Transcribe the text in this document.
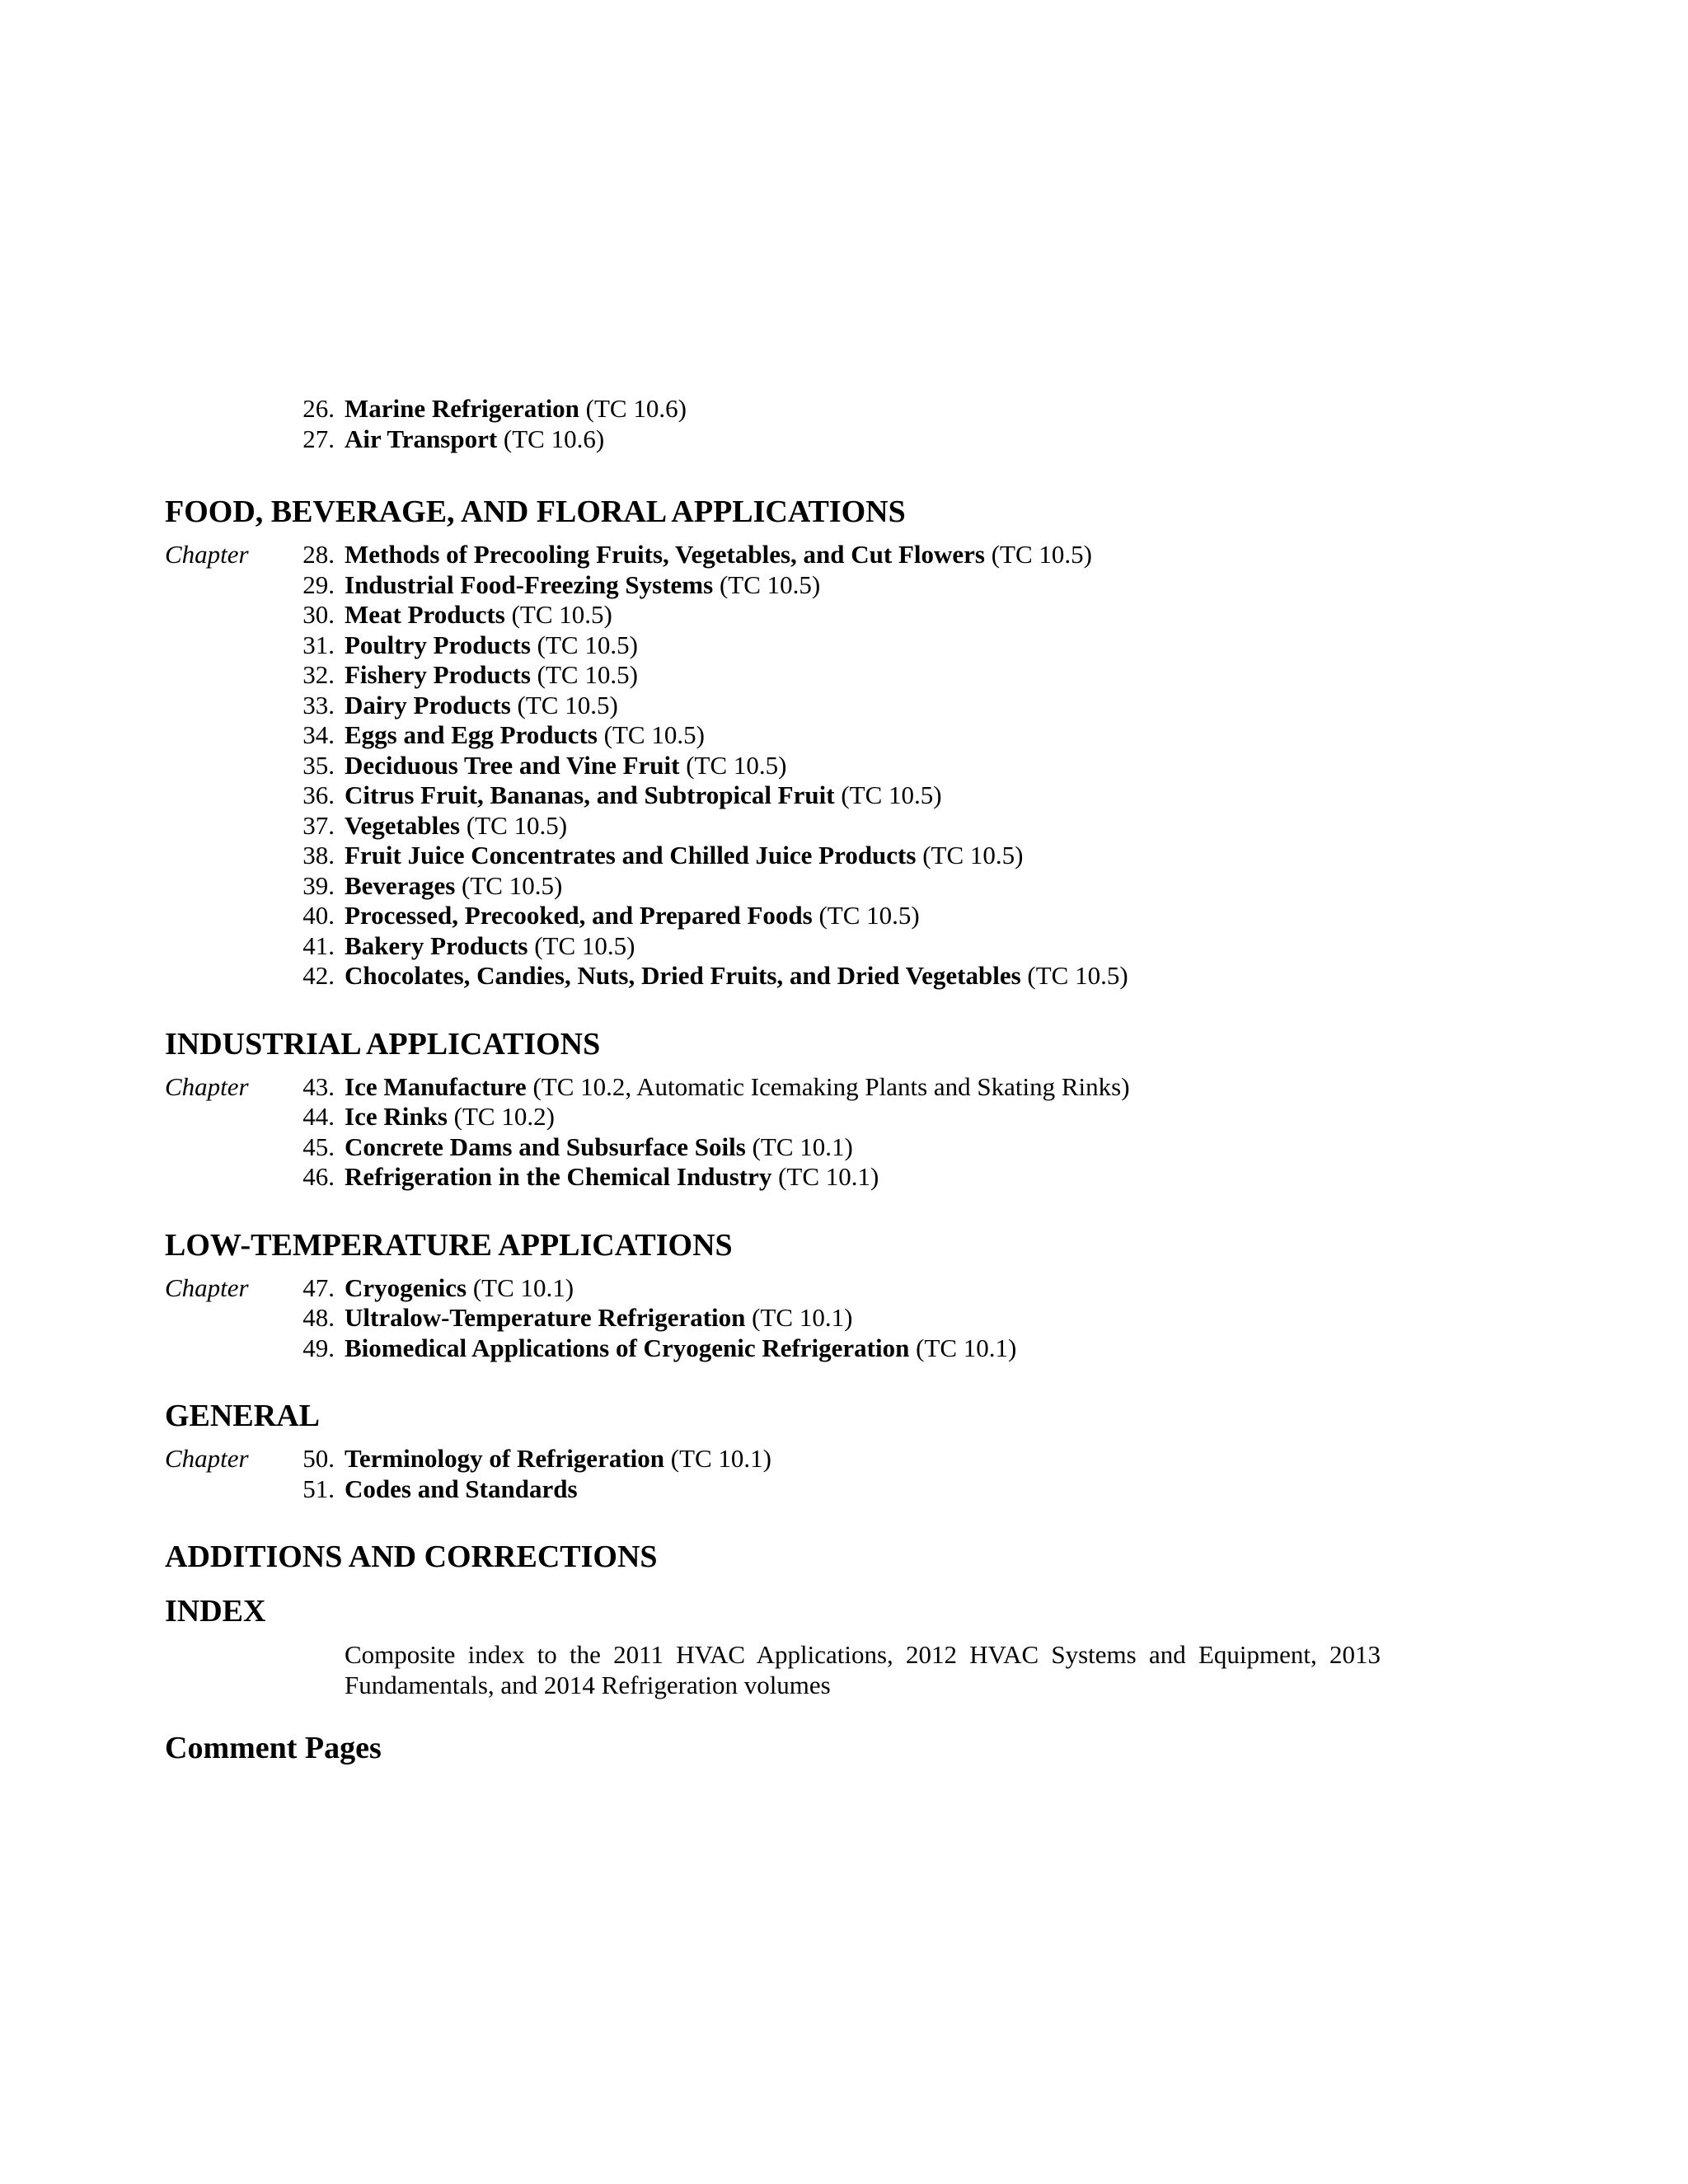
26. Marine Refrigeration (TC 10.6)
27. Air Transport (TC 10.6)
FOOD, BEVERAGE, AND FLORAL APPLICATIONS
Chapter	28. Methods of Precooling Fruits, Vegetables, and Cut Flowers (TC 10.5)
29. Industrial Food-Freezing Systems (TC 10.5)
30. Meat Products (TC 10.5)
31. Poultry Products (TC 10.5)
32. Fishery Products (TC 10.5)
33. Dairy Products (TC 10.5)
34. Eggs and Egg Products (TC 10.5)
35. Deciduous Tree and Vine Fruit (TC 10.5)
36. Citrus Fruit, Bananas, and Subtropical Fruit (TC 10.5)
37. Vegetables (TC 10.5)
38. Fruit Juice Concentrates and Chilled Juice Products (TC 10.5)
39. Beverages (TC 10.5)
40. Processed, Precooked, and Prepared Foods (TC 10.5)
41. Bakery Products (TC 10.5)
42. Chocolates, Candies, Nuts, Dried Fruits, and Dried Vegetables (TC 10.5)
INDUSTRIAL APPLICATIONS
Chapter	43. Ice Manufacture (TC 10.2, Automatic Icemaking Plants and Skating Rinks)
44. Ice Rinks (TC 10.2)
45. Concrete Dams and Subsurface Soils (TC 10.1)
46. Refrigeration in the Chemical Industry (TC 10.1)
LOW-TEMPERATURE APPLICATIONS
Chapter	47. Cryogenics (TC 10.1)
48. Ultralow-Temperature Refrigeration (TC 10.1)
49. Biomedical Applications of Cryogenic Refrigeration (TC 10.1)
GENERAL
Chapter	50. Terminology of Refrigeration (TC 10.1)
51. Codes and Standards
ADDITIONS AND CORRECTIONS
INDEX
Composite index to the 2011 HVAC Applications, 2012 HVAC Systems and Equipment, 2013 Fundamentals, and 2014 Refrigeration volumes
Comment Pages
